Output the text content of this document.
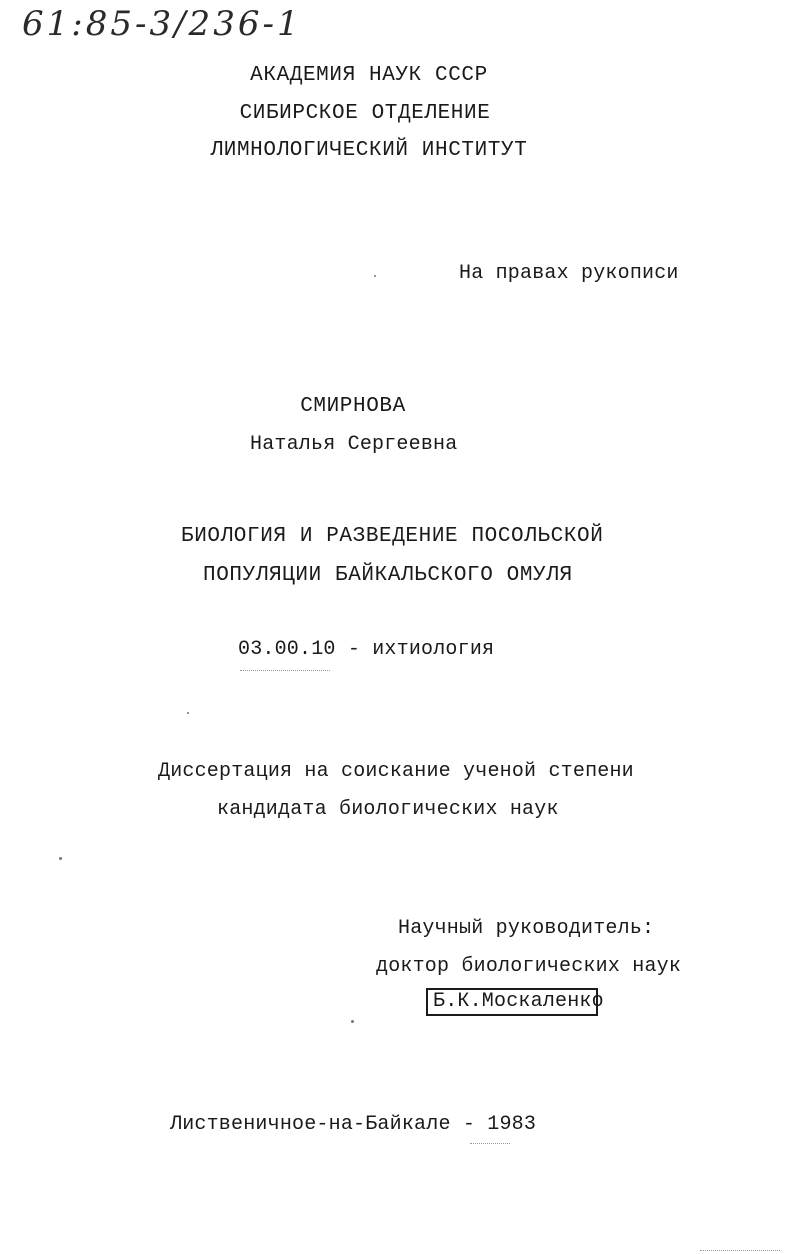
61:85-3/236-1
АКАДЕМИЯ НАУК СССР
СИБИРСКОЕ ОТДЕЛЕНИЕ
ЛИМНОЛОГИЧЕСКИЙ ИНСТИТУТ
На правах рукописи
СМИРНОВА
Наталья Сергеевна
БИОЛОГИЯ И РАЗВЕДЕНИЕ ПОСОЛЬСКОЙ
ПОПУЛЯЦИИ БАЙКАЛЬСКОГО ОМУЛЯ
03.00.10 - ихтиология
Диссертация на соискание ученой степени
кандидата биологических наук
Научный руководитель:
доктор биологических наук
Б.К.Москаленко
Лиственичное-на-Байкале - 1983
